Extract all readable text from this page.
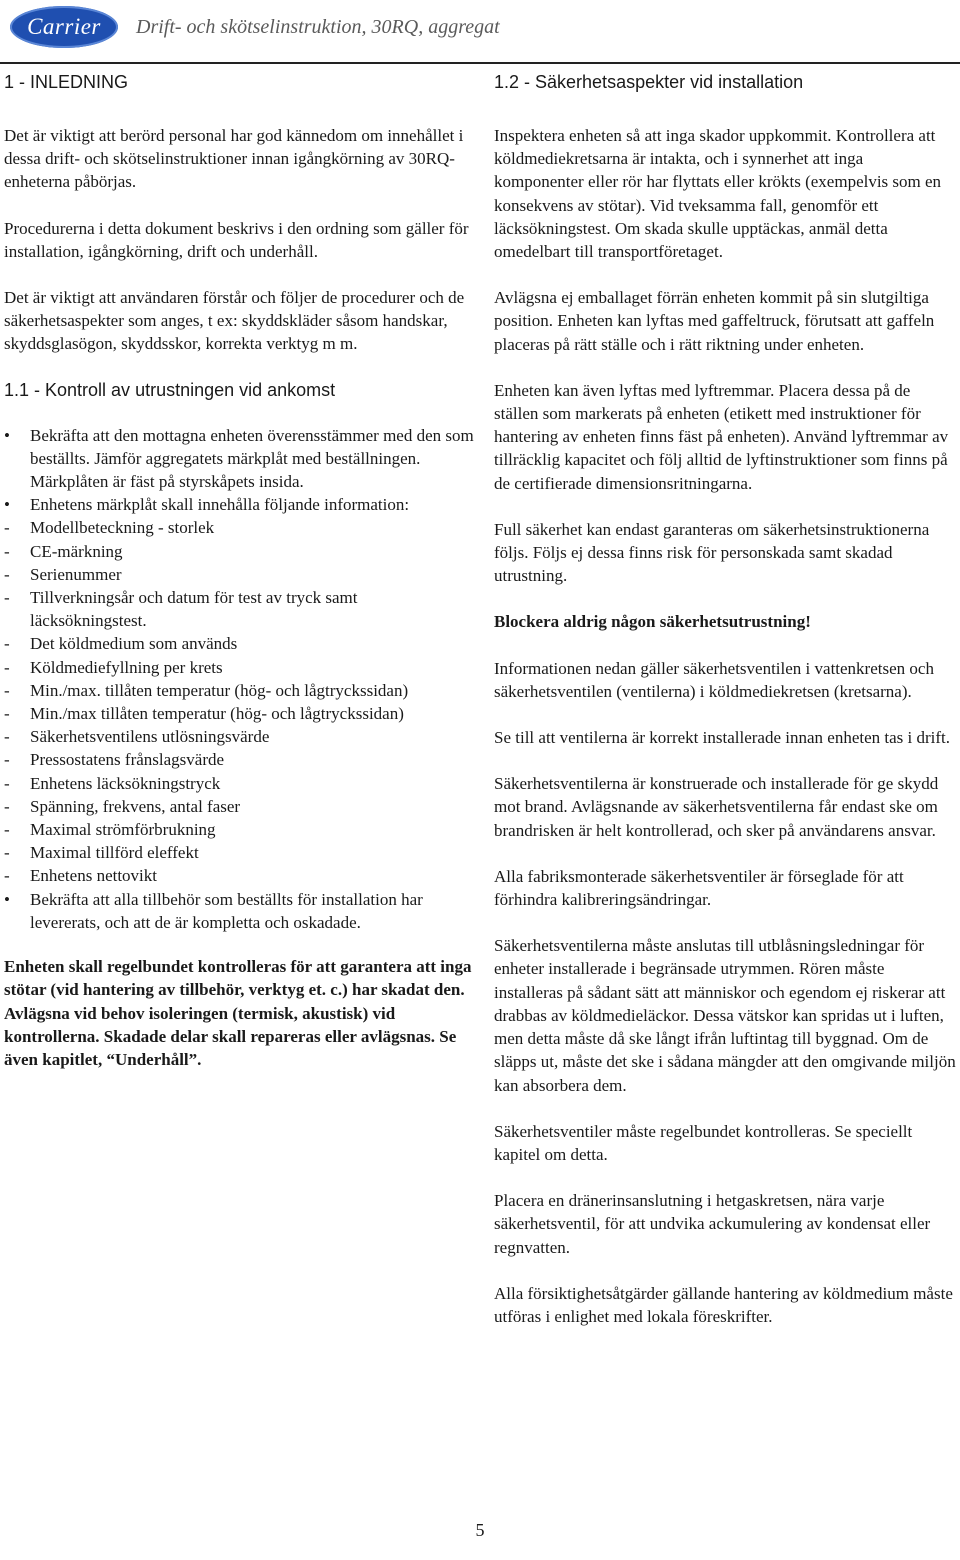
Carrier Drift- och skötselinstruktion, 30RQ, aggregat
1 - INLEDNING

Det är viktigt att berörd personal har god kännedom om innehållet i dessa drift- och skötselinstruktioner innan igångkörning av 30RQ-enheterna påbörjas.

Procedurerna i detta dokument beskrivs i den ordning som gäller för installation, igångkörning, drift och underhåll.

Det är viktigt att användaren förstår och följer de procedurer och de säkerhetsaspekter som anges, t ex: skyddskläder såsom handskar, skyddsglasögon, skyddsskor, korrekta verktyg m m.

1.1 - Kontroll av utrustningen vid ankomst
• Bekräfta att den mottagna enheten överensstämmer med den som beställts. Jämför aggregatets märkplåt med beställningen. Märkplåten är fäst på styrskåpets insida.
• Enhetens märkplåt skall innehålla följande information:
- Modellbeteckning - storlek
- CE-märkning
- Serienummer
- Tillverkningsår och datum för test av tryck samt läcksökningstest.
- Det köldmedium som används
- Köldmediefyllning per krets
- Min./max. tillåten temperatur (hög- och lågtryckssidan)
- Min./max tillåten temperatur (hög- och lågtryckssidan)
- Säkerhetsventilens utlösningsvärde
- Pressostatens frånslagsvärde
- Enhetens läcksökningstryck
- Spänning, frekvens, antal faser
- Maximal strömförbrukning
- Maximal tillförd eleffekt
- Enhetens nettovikt
• Bekräfta att alla tillbehör som beställts för installation har levererats, och att de är kompletta och oskadade.

Enheten skall regelbundet kontrolleras för att garantera att inga stötar (vid hantering av tillbehör, verktyg et. c.) har skadat den. Avlägsna vid behov isoleringen (termisk, akustisk) vid kontrollerna. Skadade delar skall repareras eller avlägsnas. Se även kapitlet, “Underhåll”.

1.2 - Säkerhetsaspekter vid installation

Inspektera enheten så att inga skador uppkommit. Kontrollera att köldmediekretsarna är intakta, och i synnerhet att inga komponenter eller rör har flyttats eller krökts (exempelvis som en konsekvens av stötar). Vid tveksamma fall, genomför ett läcksökningstest. Om skada skulle upptäckas, anmäl detta omedelbart till transportföretaget.

Avlägsna ej emballaget förrän enheten kommit på sin slutgiltiga position. Enheten kan lyftas med gaffeltruck, förutsatt att gaffeln placeras på rätt ställe och i rätt riktning under enheten.

Enheten kan även lyftas med lyftremmar. Placera dessa på de ställen som markerats på enheten (etikett med instruktioner för hantering av enheten finns fäst på enheten). Använd lyftremmar av tillräcklig kapacitet och följ alltid de lyftinstruktioner som finns på de certifierade dimensionsritningarna.

Full säkerhet kan endast garanteras om säkerhetsinstruktionerna följs. Följs ej dessa finns risk för personskada samt skadad utrustning.

Blockera aldrig någon säkerhetsutrustning!

Informationen nedan gäller säkerhetsventilen i vattenkretsen och säkerhetsventilen (ventilerna) i köldmediekretsen (kretsarna).

Se till att ventilerna är korrekt installerade innan enheten tas i drift.

Säkerhetsventilerna är konstruerade och installerade för ge skydd mot brand. Avlägsnande av säkerhetsventilerna får endast ske om brandrisken är helt kontrollerad, och sker på användarens ansvar.

Alla fabriksmonterade säkerhetsventiler är förseglade för att förhindra kalibreringsändringar.

Säkerhetsventilerna måste anslutas till utblåsningsledningar för enheter installerade i begränsade utrymmen. Rören måste installeras på sådant sätt att människor och egendom ej riskerar att drabbas av köldmedieläckor. Dessa vätskor kan spridas ut i luften, men detta måste då ske långt ifrån luftintag till byggnad. Om de släpps ut, måste det ske i sådana mängder att den omgivande miljön kan absorbera dem.

Säkerhetsventiler måste regelbundet kontrolleras. Se speciellt kapitel om detta.

Placera en dränerinsanslutning i hetgaskretsen, nära varje säkerhetsventil, för att undvika ackumulering av kondensat eller regnvatten.

Alla försiktighetsåtgärder gällande hantering av köldmedium måste utföras i enlighet med lokala föreskrifter.

5
